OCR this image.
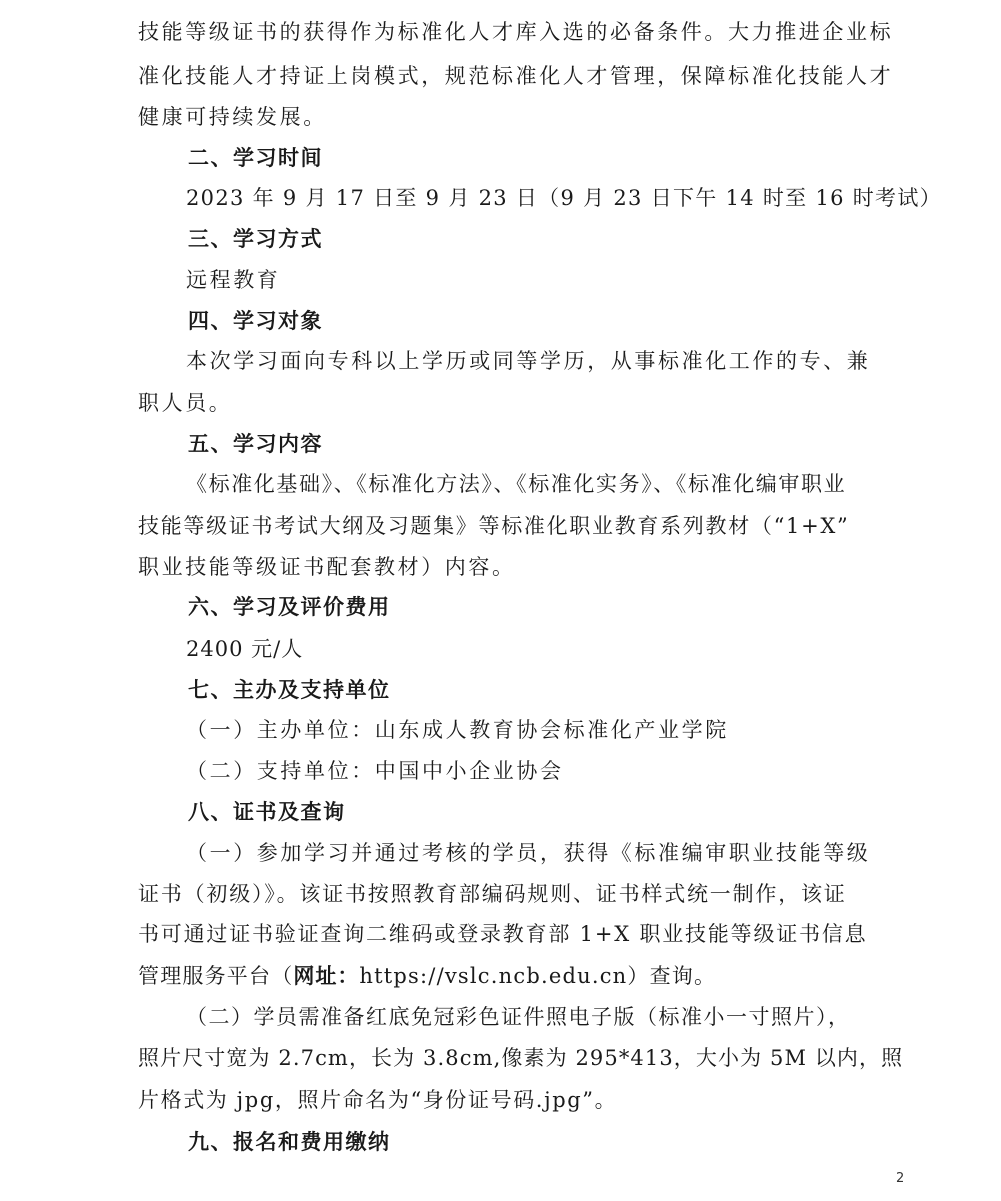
技能等级证书的获得作为标准化人才库入选的必备条件。大力推进企业标
准化技能人才持证上岗模式，规范标准化人才管理，保障标准化技能人才
健康可持续发展。
二、学习时间
2023 年 9 月 17 日至 9 月 23 日（9 月 23 日下午 14 时至 16 时考试）
三、学习方式
远程教育
四、学习对象
本次学习面向专科以上学历或同等学历，从事标准化工作的专、兼
职人员。
五、学习内容
《标准化基础》、《标准化方法》、《标准化实务》、《标准化编审职业
技能等级证书考试大纲及习题集》等标准化职业教育系列教材（“1+X”
职业技能等级证书配套教材）内容。
六、学习及评价费用
2400 元/人
七、主办及支持单位
（一）主办单位：山东成人教育协会标准化产业学院
（二）支持单位：中国中小企业协会
八、证书及查询
（一）参加学习并通过考核的学员，获得《标准编审职业技能等级
证书（初级）》。该证书按照教育部编码规则、证书样式统一制作，该证
书可通过证书验证查询二维码或登录教育部 1+X 职业技能等级证书信息
管理服务平台（网址：https://vslc.ncb.edu.cn）查询。
（二）学员需准备红底免冠彩色证件照电子版（标准小一寸照片），
照片尺寸宽为 2.7cm，长为 3.8cm,像素为 295*413，大小为 5M 以内，照
片格式为 jpg，照片命名为“身份证号码.jpg”。
九、报名和费用缴纳
2
